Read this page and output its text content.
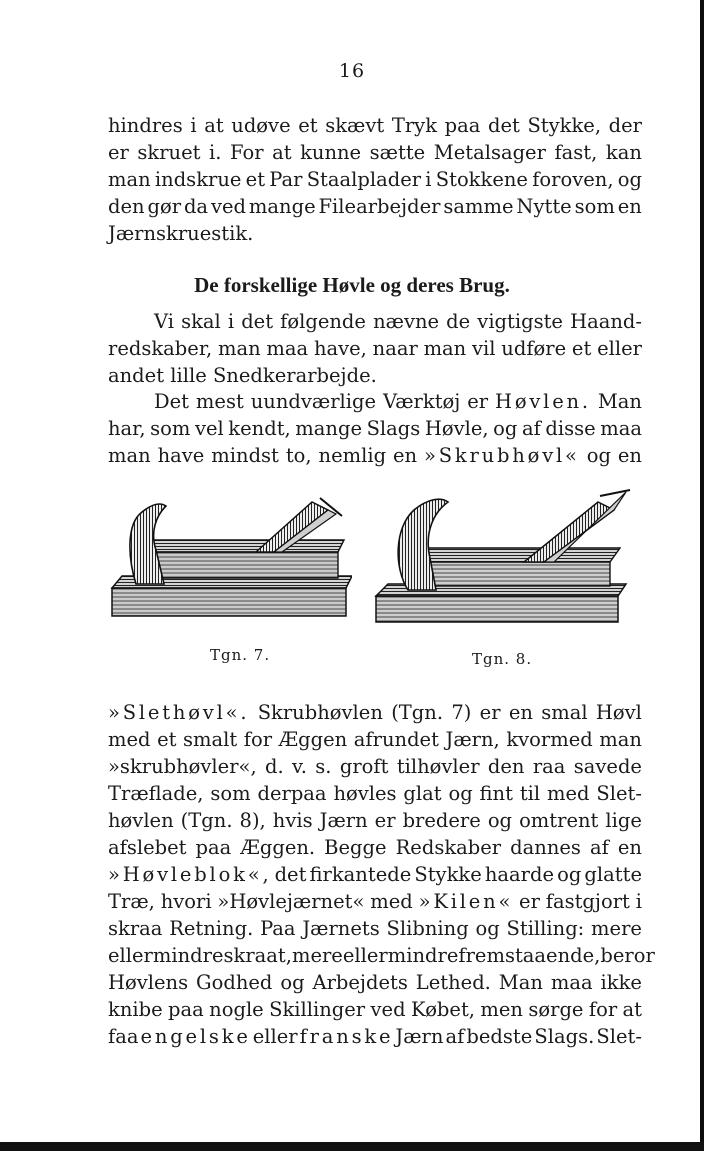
16
hindres i at udøve et skævt Tryk paa det Stykke, der
er skruet i. For at kunne sætte Metalsager fast, kan
man indskrue et Par Staalplader i Stokkene foroven, og
den gør da ved mange Filearbejder samme Nytte som en
Jærnskruestik.
De forskellige Høvle og deres Brug.
Vi skal i det følgende nævne de vigtigste Haand-
redskaber, man maa have, naar man vil udføre et eller
andet
lille
Snedkerarbejde.
Det mest uundværlige Værktøj er Høvlen. Man
har, som vel kendt, mange Slags Høvle, og af disse maa
man have mindst to, nemlig en »Skrubhøvl« og en
Tgn. 7.	Tgn. 8.
»Slethøvl«. Skrubhøvlen (Tgn. 7) er en smal Høvl
med et smalt for Æggen afrundet Jærn, kvormed man
»skrubhøvler«, d. v. s. groft tilhøvler den raa savede
Træflade, som derpaa høvles glat og fint til med Slet-
høvlen (Tgn. 8), hvis Jærn er bredere og omtrent lige
afslebet paa Æggen. Begge Redskaber dannes af en
»Høvleblok«, det firkantede Stykke haarde og glatte
Træ, hvori »Høvlejærnet« med »Kilen« er fastgjort i
skraa Retning. Paa Jærnets Slibning og Stilling: mere
eller mindre skraat, mere eller mindre fremstaaende, beror
Høvlens Godhed og Arbejdets Lethed. Man maa ikke
knibe paa nogle Skillinger ved Købet, men sørge for at
faa engelske eller franske Jærn af bedste Slags. Slet-
